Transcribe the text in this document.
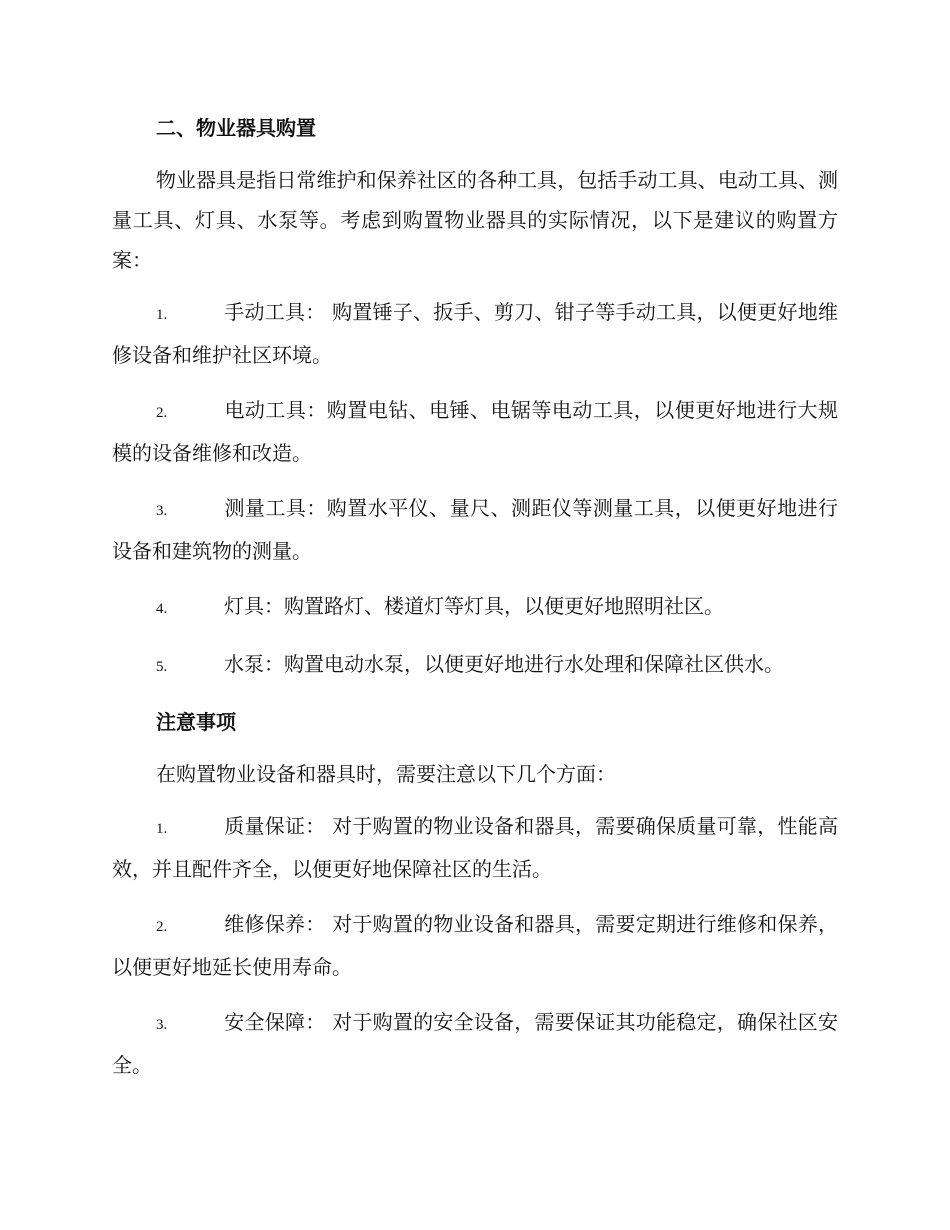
二、物业器具购置

物业器具是指日常维护和保养社区的各种工具，包括手动工具、电动工具、测量工具、灯具、水泵等。考虑到购置物业器具的实际情况，以下是建议的购置方案：

1.	手动工具： 购置锤子、扳手、剪刀、钳子等手动工具，以便更好地维修设备和维护社区环境。

2.	电动工具：购置电钻、电锤、电锯等电动工具，以便更好地进行大规模的设备维修和改造。

3.	测量工具：购置水平仪、量尺、测距仪等测量工具，以便更好地进行设备和建筑物的测量。

4.	灯具：购置路灯、楼道灯等灯具，以便更好地照明社区。

5.	水泵：购置电动水泵，以便更好地进行水处理和保障社区供水。

注意事项

在购置物业设备和器具时，需要注意以下几个方面：

1.	质量保证： 对于购置的物业设备和器具，需要确保质量可靠，性能高效，并且配件齐全，以便更好地保障社区的生活。

2.	维修保养： 对于购置的物业设备和器具，需要定期进行维修和保养，以便更好地延长使用寿命。

3.	安全保障： 对于购置的安全设备，需要保证其功能稳定，确保社区安全。
